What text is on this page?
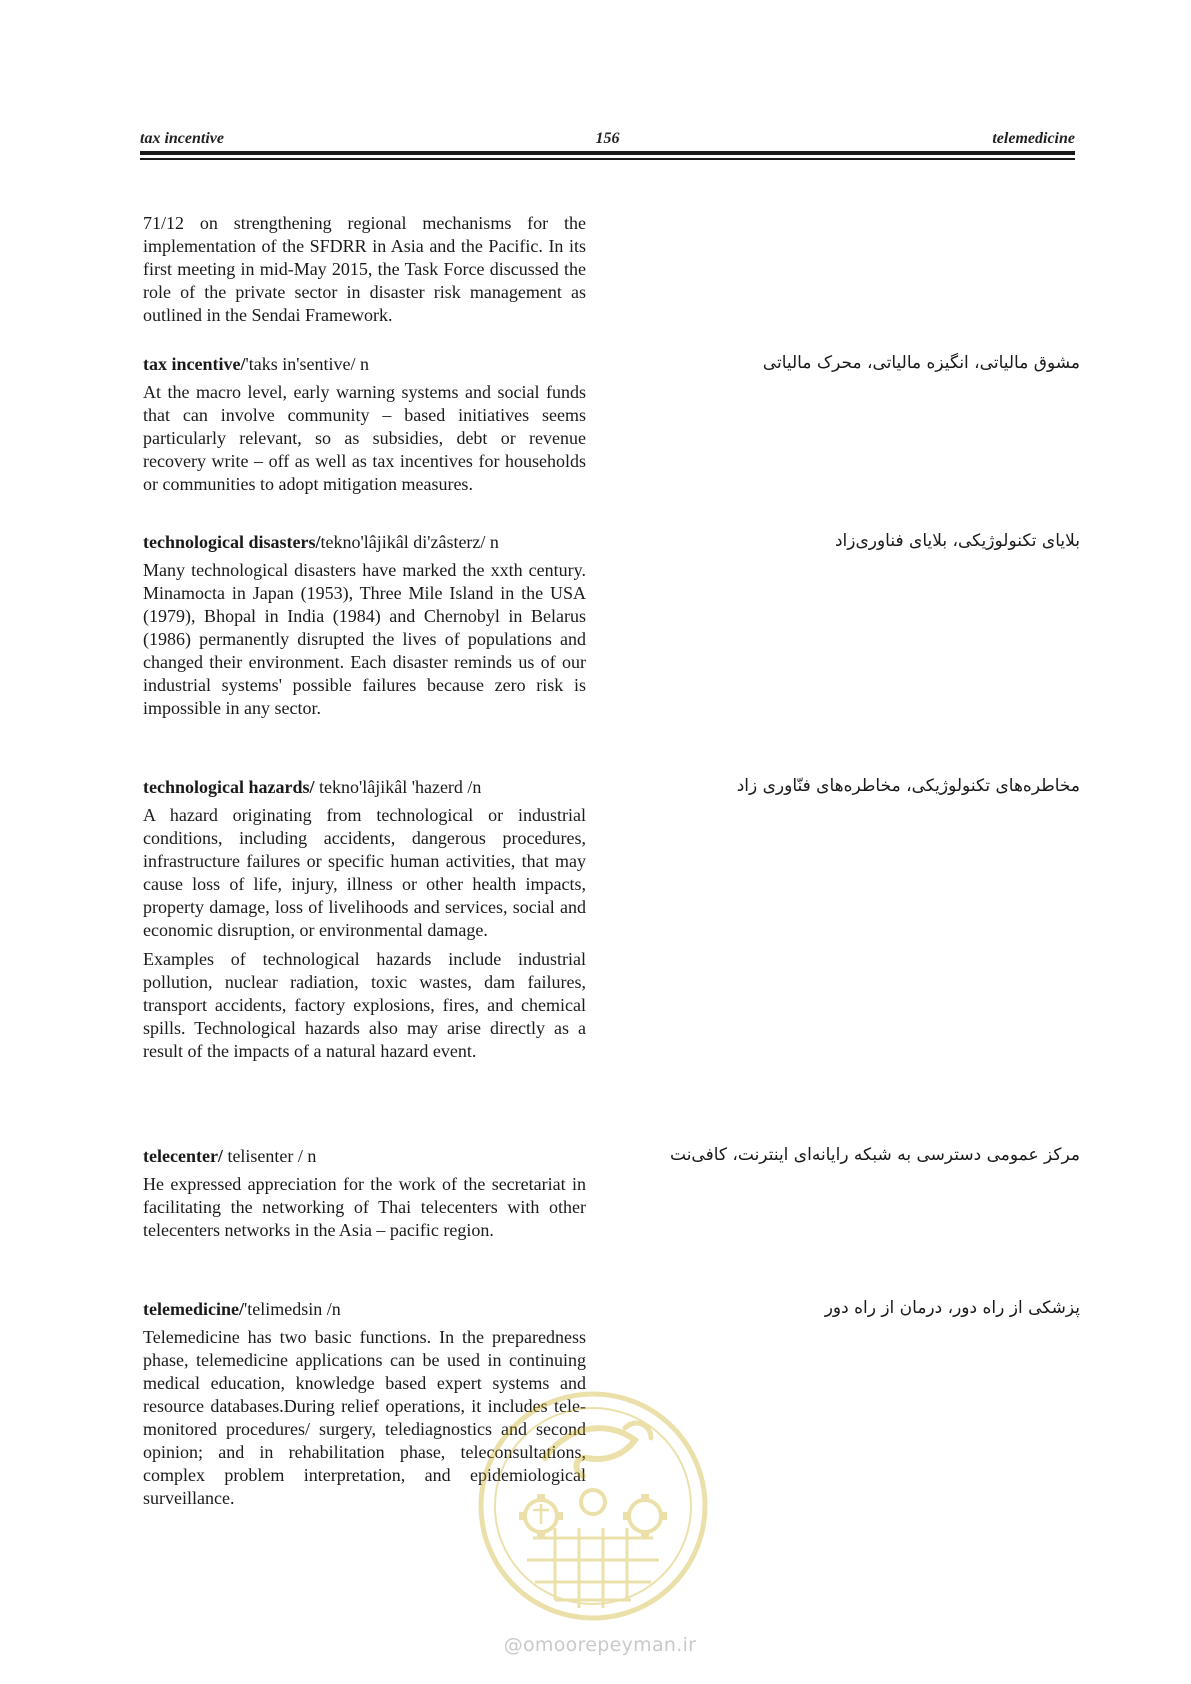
tax incentive	156	telemedicine

71/12 on strengthening regional mechanisms for the implementation of the SFDRR in Asia and the Pacific. In its first meeting in mid-May 2015, the Task Force discussed the role of the private sector in disaster risk management as outlined in the Sendai Framework.

tax incentive/'taks in'sentive/ n

At the macro level, early warning systems and social funds that can involve community – based initiatives seems particularly relevant, so as subsidies, debt or revenue recovery write – off as well as tax incentives for households or communities to adopt mitigation measures.

مشوق مالیاتی، انگیزه مالیاتی، محرک مالیاتی

technological disasters/tekno'lâjikâl di'zâsterz/ n

Many technological disasters have marked the xxth century. Minamocta in Japan (1953), Three Mile Island in the USA (1979), Bhopal in India (1984) and Chernobyl in Belarus (1986) permanently disrupted the lives of populations and changed their environment. Each disaster reminds us of our industrial systems' possible failures because zero risk is impossible in any sector.

بلایای تکنولوژیکی، بلایای فناوری‌زاد

technological hazards/ tekno'lâjikâl 'hazerd /n

A hazard originating from technological or industrial conditions, including accidents, dangerous procedures, infrastructure failures or specific human activities, that may cause loss of life, injury, illness or other health impacts, property damage, loss of livelihoods and services, social and economic disruption, or environmental damage.

Examples of technological hazards include industrial pollution, nuclear radiation, toxic wastes, dam failures, transport accidents, factory explosions, fires, and chemical spills. Technological hazards also may arise directly as a result of the impacts of a natural hazard event.

مخاطره‌های تکنولوژیکی، مخاطره‌های فنّاوری زاد

telecenter/ telisenter / n

He expressed appreciation for the work of the secretariat in facilitating the networking of Thai telecenters with other telecenters networks in the Asia – pacific region.

مرکز عمومی دسترسی به شبکه رایانه‌ای اینترنت، کافی‌نت

telemedicine/'telimedsin /n

Telemedicine has two basic functions. In the preparedness phase, telemedicine applications can be used in continuing medical education, knowledge based expert systems and resource databases.During relief operations, it includes tele- monitored procedures/ surgery, telediagnostics and second opinion; and in rehabilitation phase, teleconsultations, complex problem interpretation, and epidemiological surveillance.

پزشکی از راه دور، درمان از راه دور
@omoorepeyman.ir
